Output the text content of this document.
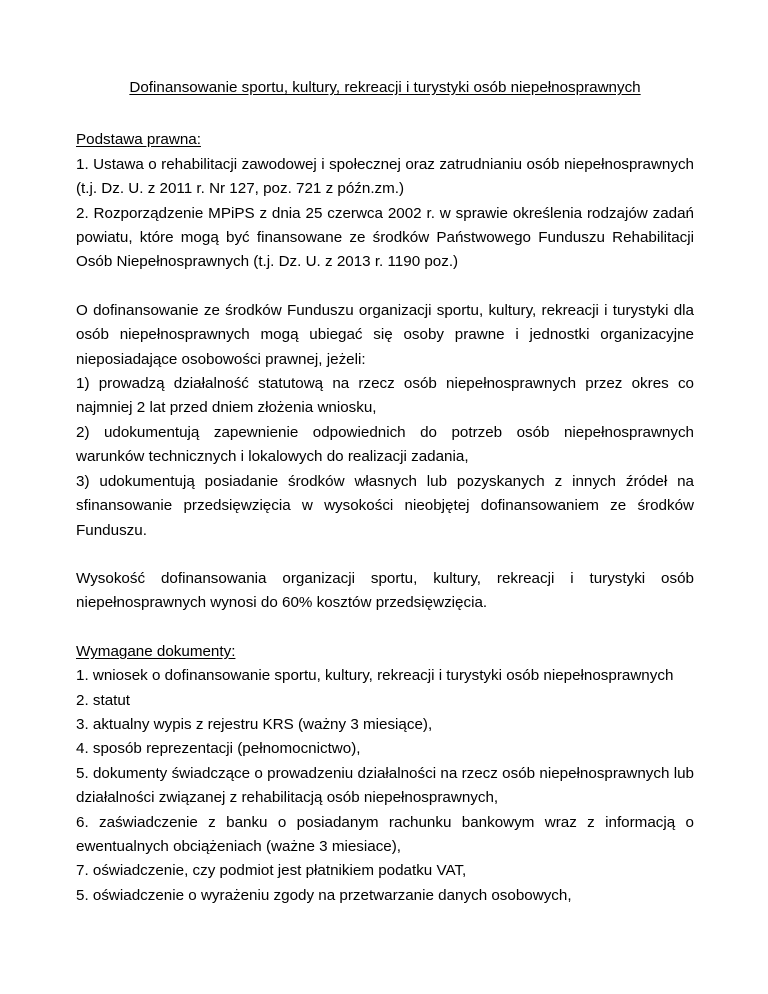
Dofinansowanie sportu, kultury, rekreacji i turystyki osób niepełnosprawnych

Podstawa prawna:

1. Ustawa o rehabilitacji zawodowej i społecznej oraz zatrudnianiu osób niepełnosprawnych (t.j. Dz. U. z 2011 r. Nr 127, poz. 721 z późn.zm.)

2. Rozporządzenie MPiPS z dnia 25 czerwca 2002 r. w sprawie określenia rodzajów zadań powiatu, które mogą być finansowane ze środków Państwowego Funduszu Rehabilitacji Osób Niepełnosprawnych (t.j. Dz. U. z 2013 r. 1190 poz.)

O dofinansowanie ze środków Funduszu organizacji sportu, kultury, rekreacji i turystyki dla osób niepełnosprawnych mogą ubiegać się osoby prawne i jednostki organizacyjne nieposiadające osobowości prawnej, jeżeli:

1) prowadzą działalność statutową na rzecz osób niepełnosprawnych przez okres co najmniej 2 lat przed dniem złożenia wniosku,

2) udokumentują zapewnienie odpowiednich do potrzeb osób niepełnosprawnych warunków technicznych i lokalowych do realizacji zadania,

3) udokumentują posiadanie środków własnych lub pozyskanych z innych źródeł na sfinansowanie przedsięwzięcia w wysokości nieobjętej dofinansowaniem ze środków Funduszu.

Wysokość dofinansowania organizacji sportu, kultury, rekreacji i turystyki osób niepełnosprawnych wynosi do 60% kosztów przedsięwzięcia.

Wymagane dokumenty:

1. wniosek o dofinansowanie sportu, kultury, rekreacji i turystyki osób niepełnosprawnych

2. statut

3. aktualny wypis z rejestru KRS (ważny 3 miesiące),

4. sposób reprezentacji (pełnomocnictwo),

5. dokumenty świadczące o prowadzeniu działalności na rzecz osób niepełnosprawnych lub działalności związanej z rehabilitacją osób niepełnosprawnych,

6. zaświadczenie z banku o posiadanym rachunku bankowym wraz z informacją o ewentualnych obciążeniach (ważne 3 miesiace),

7. oświadczenie, czy podmiot jest płatnikiem podatku VAT,

5. oświadczenie o wyrażeniu zgody na przetwarzanie danych osobowych,
